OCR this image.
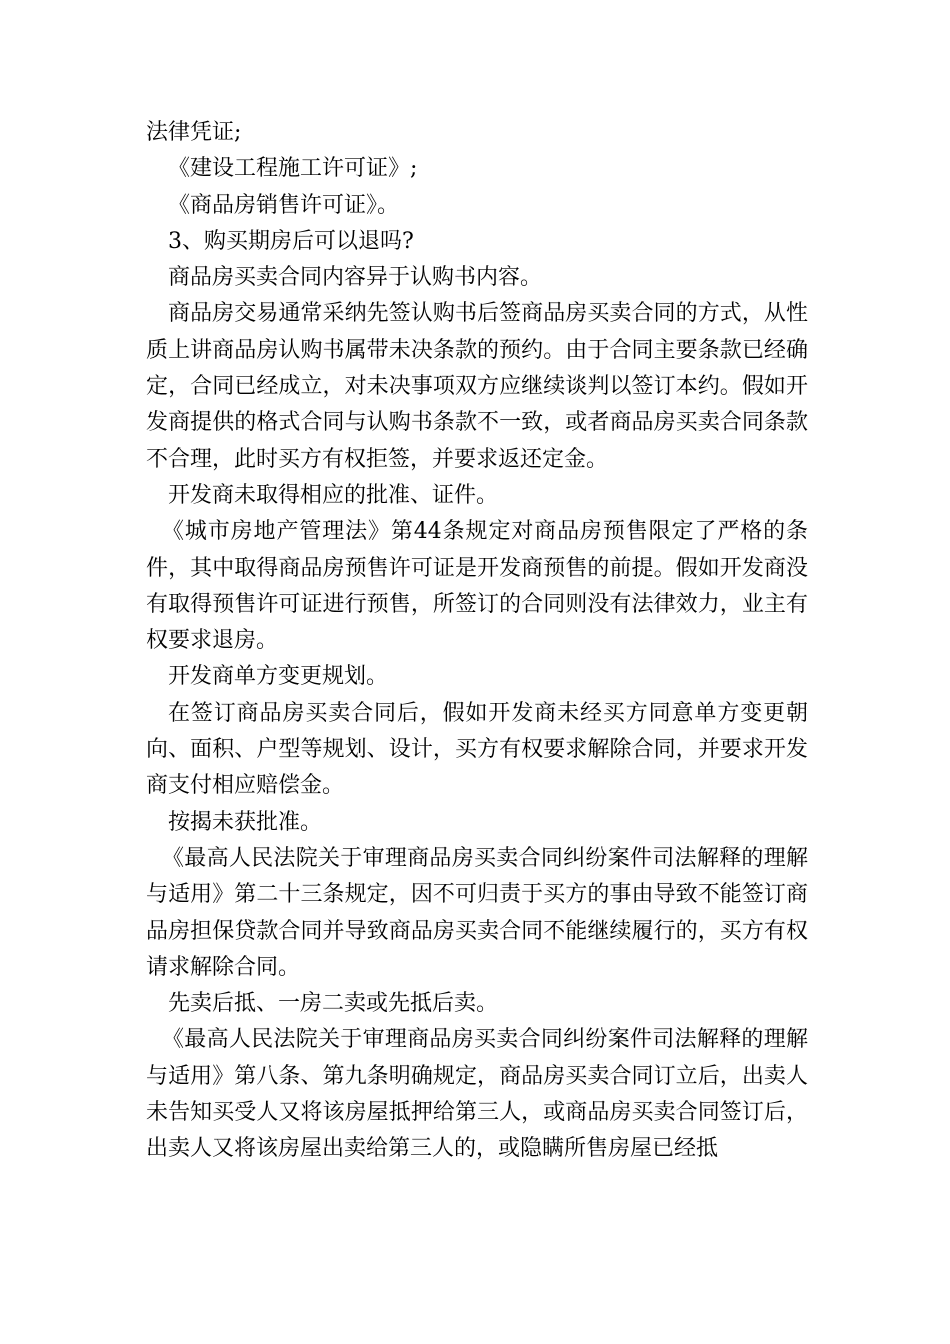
法律凭证;

《建设工程施工许可证》;

《商品房销售许可证》。

3、购买期房后可以退吗?

商品房买卖合同内容异于认购书内容。

商品房交易通常采纳先签认购书后签商品房买卖合同的方式，从性质上讲商品房认购书属带未决条款的预约。由于合同主要条款已经确定，合同已经成立，对未决事项双方应继续谈判以签订本约。假如开发商提供的格式合同与认购书条款不一致，或者商品房买卖合同条款不合理，此时买方有权拒签，并要求返还定金。

开发商未取得相应的批准、证件。

《城市房地产管理法》第44条规定对商品房预售限定了严格的条件，其中取得商品房预售许可证是开发商预售的前提。假如开发商没有取得预售许可证进行预售，所签订的合同则没有法律效力，业主有权要求退房。

开发商单方变更规划。

在签订商品房买卖合同后，假如开发商未经买方同意单方变更朝向、面积、户型等规划、设计，买方有权要求解除合同，并要求开发商支付相应赔偿金。

按揭未获批准。

《最高人民法院关于审理商品房买卖合同纠纷案件司法解释的理解与适用》第二十三条规定，因不可归责于买方的事由导致不能签订商品房担保贷款合同并导致商品房买卖合同不能继续履行的，买方有权请求解除合同。

先卖后抵、一房二卖或先抵后卖。

《最高人民法院关于审理商品房买卖合同纠纷案件司法解释的理解与适用》第八条、第九条明确规定，商品房买卖合同订立后，出卖人未告知买受人又将该房屋抵押给第三人，或商品房买卖合同签订后，出卖人又将该房屋出卖给第三人的，或隐瞒所售房屋已经抵
